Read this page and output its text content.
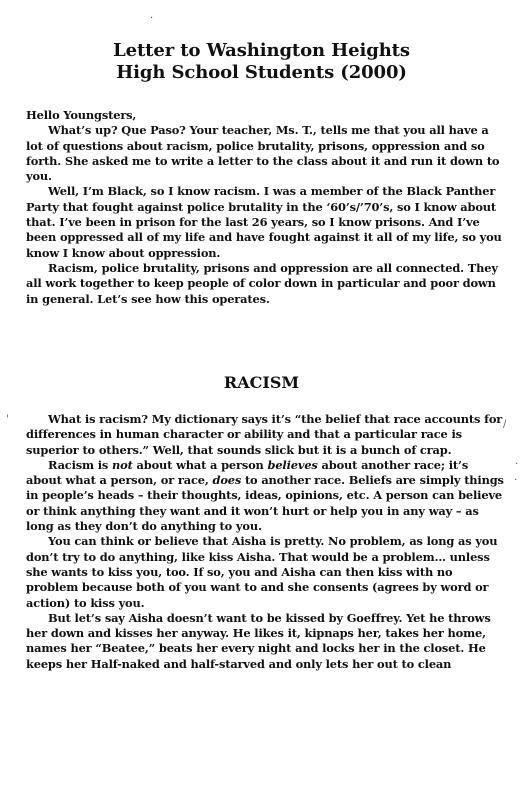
Letter to Washington Heights
High School Students (2000)

Hello Youngsters,

What’s up? Que Paso? Your teacher, Ms. T., tells me that you all have a lot of questions about racism, police brutality, prisons, oppression and so forth. She asked me to write a letter to the class about it and run it down to you.

Well, I’m Black, so I know racism. I was a member of the Black Panther Party that fought against police brutality in the ‘60’s/’70’s, so I know about that. I’ve been in prison for the last 26 years, so I know prisons. And I’ve been oppressed all of my life and have fought against it all of my life, so you know I know about oppression.

Racism, police brutality, prisons and oppression are all connected. They all work together to keep people of color down in particular and poor down in general. Let’s see how this operates.

RACISM

What is racism? My dictionary says it’s “the belief that race accounts for differences in human character or ability and that a particular race is superior to others.” Well, that sounds slick but it is a bunch of crap.

Racism is not about what a person believes about another race; it’s about what a person, or race, does to another race. Beliefs are simply things in people’s heads – their thoughts, ideas, opinions, etc. A person can believe or think anything they want and it won’t hurt or help you in any way – as long as they don’t do anything to you.

You can think or believe that Aisha is pretty. No problem, as long as you don’t try to do anything, like kiss Aisha. That would be a problem… unless she wants to kiss you, too. If so, you and Aisha can then kiss with no problem because both of you want to and she consents (agrees by word or action) to kiss you.

But let’s say Aisha doesn’t want to be kissed by Goeffrey. Yet he throws her down and kisses her anyway. He likes it, kipnaps her, takes her home, names her “Beatee,” beats her every night and locks her in the closet. He keeps her Half-naked and half-starved and only lets her out to clean

·
'	/
·
·
